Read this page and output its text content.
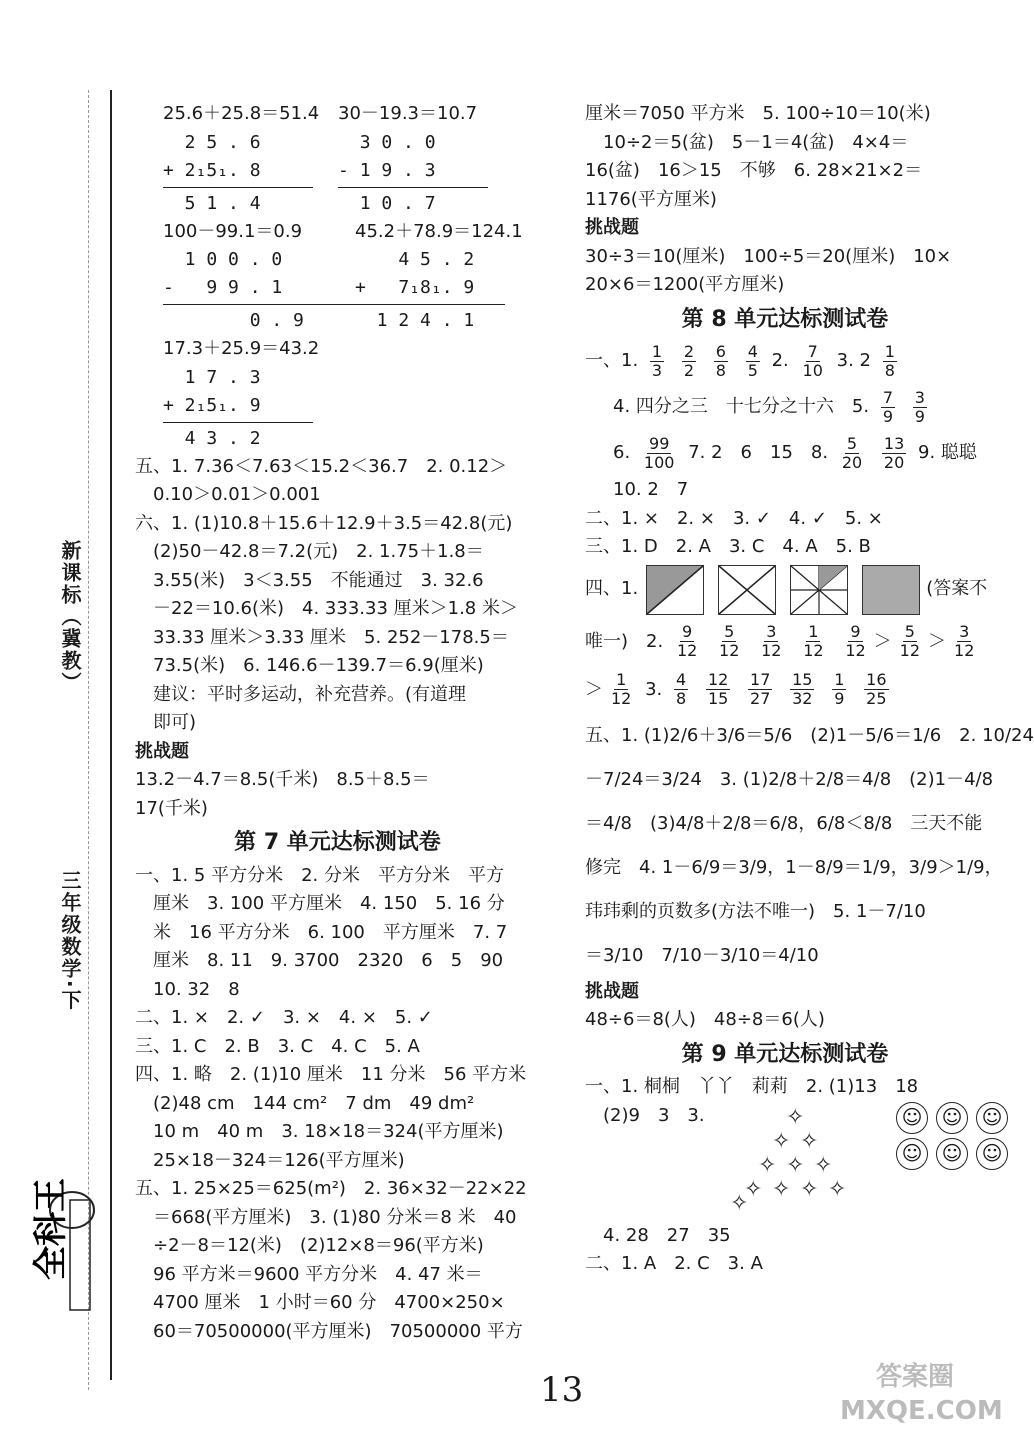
新课标（冀教）
三年级数学·下
全科王
25.6＋25.8＝51.4
2 5 . 6
+ 2₁5₁. 8
5 1 . 4
30－19.3＝10.7
3 0 . 0
- 1 9 . 3
1 0 . 7
100－99.1＝0.9
1 0 0 . 0
-   9 9 . 1
0 . 9
45.2＋78.9＝124.1
4 5 . 2
+   7₁8₁. 9
1 2 4 . 1
17.3＋25.9＝43.2
1 7 . 3
+ 2₁5₁. 9
4 3 . 2
五、1. 7.36＜7.63＜15.2＜36.7　2. 0.12＞
　0.10＞0.01＞0.001
六、1. (1)10.8＋15.6＋12.9＋3.5＝42.8(元)
　(2)50－42.8＝7.2(元)　2. 1.75＋1.8＝
　3.55(米)　3＜3.55　不能通过　3. 32.6
　－22＝10.6(米)　4. 333.33 厘米＞1.8 米＞
　33.33 厘米＞3.33 厘米　5. 252－178.5＝
　73.5(米)　6. 146.6－139.7＝6.9(厘米)
　建议：平时多运动，补充营养。(有道理
　即可)
挑战题
13.2－4.7＝8.5(千米)　8.5＋8.5＝
17(千米)
第 7 单元达标测试卷
一、1. 5 平方分米　2. 分米　平方分米　平方
　厘米　3. 100 平方厘米　4. 150　5. 16 分
　米　16 平方分米　6. 100　平方厘米　7. 7
　厘米　8. 11　9. 3700　2320　6　5　90
　10. 32　8
二、1. ×　2. ✓　3. ×　4. ×　5. ✓
三、1. C　2. B　3. C　4. C　5. A
四、1. 略　2. (1)10 厘米　11 分米　56 平方米
　(2)48 cm　144 cm²　7 dm　49 dm²
　10 m　40 m　3. 18×18＝324(平方厘米)
　25×18－324＝126(平方厘米)
五、1. 25×25＝625(m²)　2. 36×32－22×22
　＝668(平方厘米)　3. (1)80 分米＝8 米　40
　÷2－8＝12(米)　(2)12×8＝96(平方米)
　96 平方米＝9600 平方分米　4. 47 米＝
　4700 厘米　1 小时＝60 分　4700×250×
　60＝70500000(平方厘米)　70500000 平方
厘米＝7050 平方米　5. 100÷10＝10(米)
　10÷2＝5(盆)　5－1＝4(盆)　4×4＝
16(盆)　16＞15　不够　6. 28×21×2＝
1176(平方厘米)
挑战题
30÷3＝10(厘米)　100÷5＝20(厘米)　10×
20×6＝1200(平方厘米)
第 8 单元达标测试卷
一、1. $\frac{1}{3}$
$\frac{2}{2}$
$\frac{6}{8}$
$\frac{4}{5} 2$. $\frac{7}{10} 3$. $2 \frac{1}{8}$
4. 四分之三　十七分之十六　5. $\frac{7}{9}$
$\frac{3}{9}$
6. $\frac{99}{100} 7$. 2　6　15　8. $\frac{5}{20}$
$\frac{13}{20} 9$. 聪聪
10. 2　7
二、1. ×　2. ×　3. ✓　4. ✓　5. ×
三、1. D　2. A　3. C　4. A　5. B
四、1.	(答案不
唯一)　2. $\frac{9}{12}$
$\frac{5}{12}$
$\frac{3}{12}$
$\frac{1}{12}$
$\frac{9}{12} > \frac{5}{12} > \frac{3}{12}$
＞ $\frac{1}{12} 3$. $\frac{4}{8}$
$\frac{12}{15}$
$\frac{17}{27}$
$\frac{15}{32}$
$\frac{1}{9}$
$\frac{16}{25}$
五、1. (1)2/6＋3/6＝5/6　(2)1－5/6＝1/6　2. 10/24
－7/24＝3/24　3. (1)2/8＋2/8＝4/8　(2)1－4/8
＝4/8　(3)4/8＋2/8＝6/8，6/8＜8/8　三天不能
修完　4. 1－6/9＝3/9，1－8/9＝1/9，3/9＞1/9，
玮玮剩的页数多(方法不唯一)　5. 1－7/10
＝3/10　7/10－3/10＝4/10
挑战题
48÷6＝8(人)　48÷8＝6(人)
第 9 单元达标测试卷
一、1. 桐桐　丫丫　莉莉　2. (1)13　18
　(2)9　3　3.	✧
✧ ✧
✧ ✧ ✧
✧ ✧ ✧ ✧
✧

☺ ☺ ☺
☺ ☺ ☺
　4. 28　27　35
二、1. A　2. C　3. A
13	答案圈 MXQE.COM
